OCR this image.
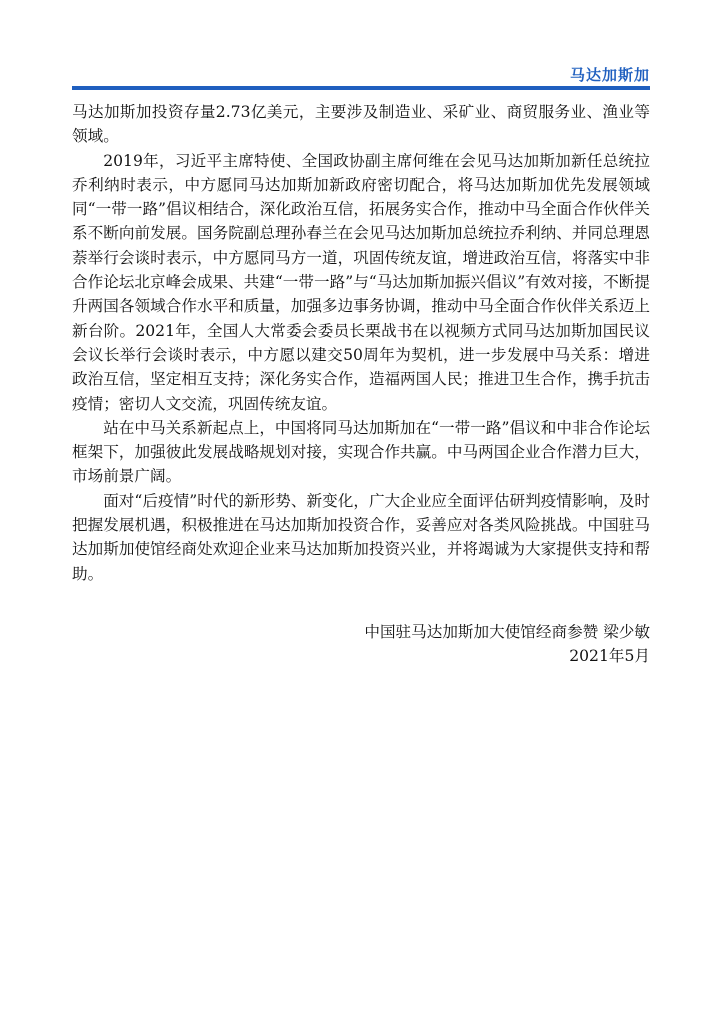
马达加斯加

马达加斯加投资存量2.73亿美元，主要涉及制造业、采矿业、商贸服务业、渔业等领域。

2019年，习近平主席特使、全国政协副主席何维在会见马达加斯加新任总统拉乔利纳时表示，中方愿同马达加斯加新政府密切配合，将马达加斯加优先发展领域同“一带一路”倡议相结合，深化政治互信，拓展务实合作，推动中马全面合作伙伴关系不断向前发展。国务院副总理孙春兰在会见马达加斯加总统拉乔利纳、并同总理恩萘举行会谈时表示，中方愿同马方一道，巩固传统友谊，增进政治互信，将落实中非合作论坛北京峰会成果、共建“一带一路”与“马达加斯加振兴倡议”有效对接，不断提升两国各领域合作水平和质量，加强多边事务协调，推动中马全面合作伙伴关系迈上新台阶。2021年，全国人大常委会委员长栗战书在以视频方式同马达加斯加国民议会议长举行会谈时表示，中方愿以建交50周年为契机，进一步发展中马关系：增进政治互信，坚定相互支持；深化务实合作，造福两国人民；推进卫生合作，携手抗击疫情；密切人文交流，巩固传统友谊。

站在中马关系新起点上，中国将同马达加斯加在“一带一路”倡议和中非合作论坛框架下，加强彼此发展战略规划对接，实现合作共赢。中马两国企业合作潜力巨大，市场前景广阔。

面对“后疫情”时代的新形势、新变化，广大企业应全面评估研判疫情影响，及时把握发展机遇，积极推进在马达加斯加投资合作，妥善应对各类风险挑战。中国驻马达加斯加使馆经商处欢迎企业来马达加斯加投资兴业，并将竭诚为大家提供支持和帮助。

中国驻马达加斯加大使馆经商参赞 梁少敏
2021年5月
